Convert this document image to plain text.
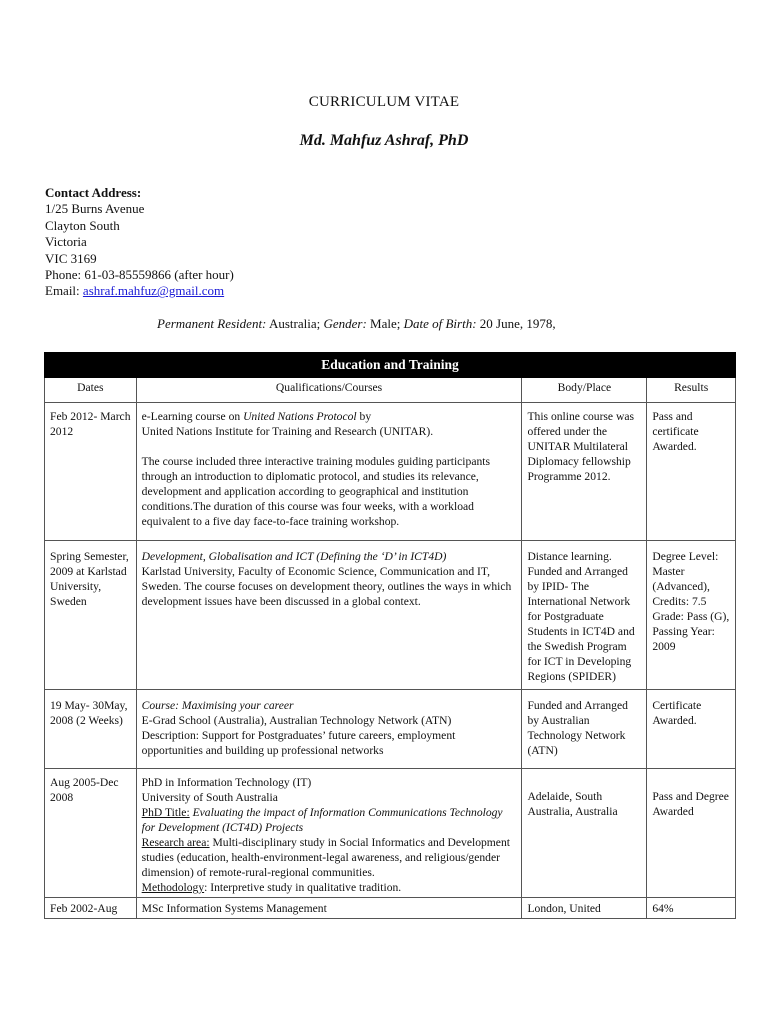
CURRICULUM VITAE
Md. Mahfuz Ashraf, PhD
Contact Address:
1/25 Burns Avenue
Clayton South
Victoria
VIC 3169
Phone: 61-03-85559866 (after hour)
Email: ashraf.mahfuz@gmail.com
Permanent Resident: Australia; Gender: Male; Date of Birth: 20 June, 1978,
Education and Training			
Dates	Qualifications/Courses	Body/Place	Results
Feb 2012- March 2012	e-Learning course on United Nations Protocol by
United Nations Institute for Training and Research (UNITAR).
The course included three interactive training modules guiding participants through an introduction to diplomatic protocol, and studies its relevance, development and application according to geographical and institution conditions.The duration of this course was four weeks, with a workload equivalent to a five day face-to-face training workshop.	This online course was offered under the UNITAR Multilateral Diplomacy fellowship Programme 2012.	Pass and certificate Awarded.
Spring Semester, 2009 at Karlstad University, Sweden	Development, Globalisation and ICT (Defining the ‘D’ in ICT4D)
Karlstad University, Faculty of Economic Science, Communication and IT, Sweden. The course focuses on development theory, outlines the ways in which development issues have been discussed in a global context.	Distance learning. Funded and Arranged by IPID- The International Network for Postgraduate Students in ICT4D and the Swedish Program for ICT in Developing Regions (SPIDER)	Degree Level: Master (Advanced), Credits: 7.5 Grade: Pass (G), Passing Year: 2009
19 May- 30May, 2008 (2 Weeks)	Course: Maximising your career
E-Grad School (Australia), Australian Technology Network (ATN)
Description: Support for Postgraduates’ future careers, employment opportunities and building up professional networks	Funded and Arranged by Australian Technology Network (ATN)	Certificate Awarded.
Aug 2005-Dec 2008	PhD in Information Technology (IT)
University of South Australia
PhD Title: Evaluating the impact of Information Communications Technology for Development (ICT4D) Projects
Research area: Multi-disciplinary study in Social Informatics and Development studies (education, health-environment-legal awareness, and religious/gender dimension) of remote-rural-regional communities.
Methodology: Interpretive study in qualitative tradition.	Adelaide, South Australia, Australia	Pass and Degree Awarded

Feb 2002-Aug	MSc Information Systems Management	London, United	64%
